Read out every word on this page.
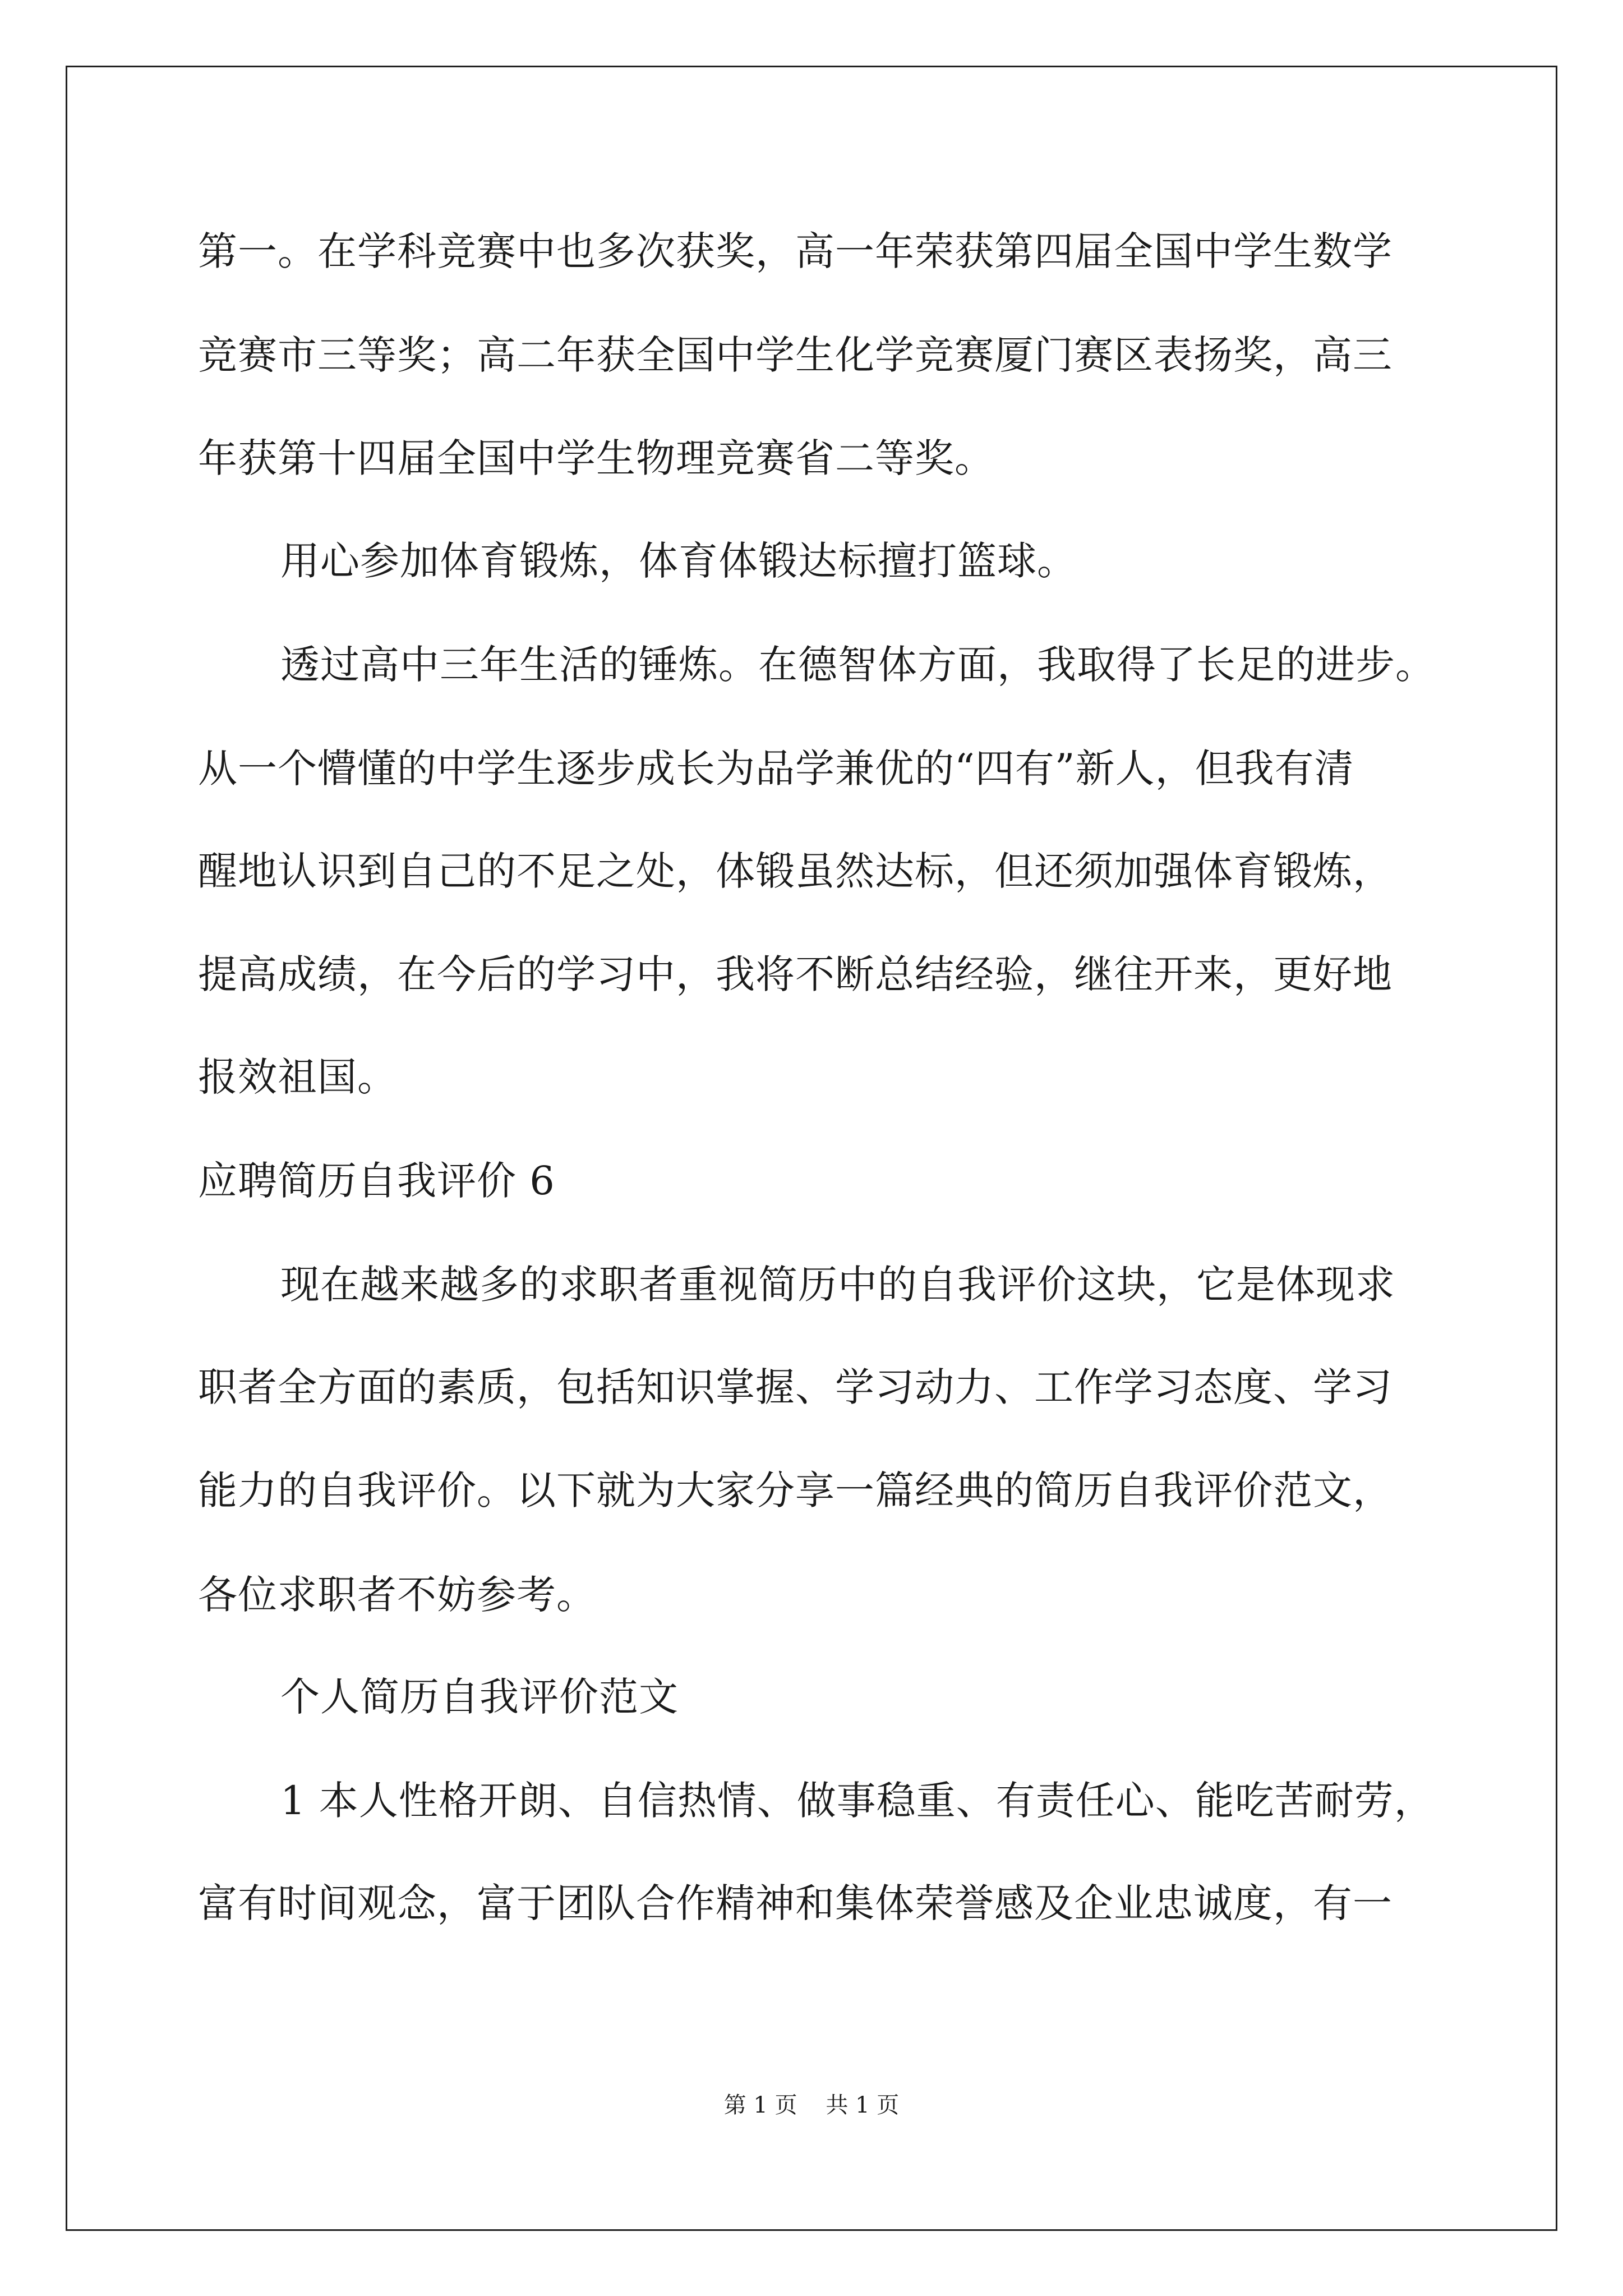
第一。在学科竞赛中也多次获奖，高一年荣获第四届全国中学生数学
竞赛市三等奖；高二年获全国中学生化学竞赛厦门赛区表扬奖，高三
年获第十四届全国中学生物理竞赛省二等奖。
用心参加体育锻炼，体育体锻达标擅打篮球。
透过高中三年生活的锤炼。在德智体方面，我取得了长足的进步。
从一个懵懂的中学生逐步成长为品学兼优的“四有”新人，但我有清
醒地认识到自己的不足之处，体锻虽然达标，但还须加强体育锻炼，
提高成绩，在今后的学习中，我将不断总结经验，继往开来，更好地
报效祖国。
应聘简历自我评价 6
现在越来越多的求职者重视简历中的自我评价这块，它是体现求
职者全方面的素质，包括知识掌握、学习动力、工作学习态度、学习
能力的自我评价。以下就为大家分享一篇经典的简历自我评价范文，
各位求职者不妨参考。
个人简历自我评价范文
1 本人性格开朗、自信热情、做事稳重、有责任心、能吃苦耐劳，
富有时间观念，富于团队合作精神和集体荣誉感及企业忠诚度，有一
第 1 页    共 1 页
